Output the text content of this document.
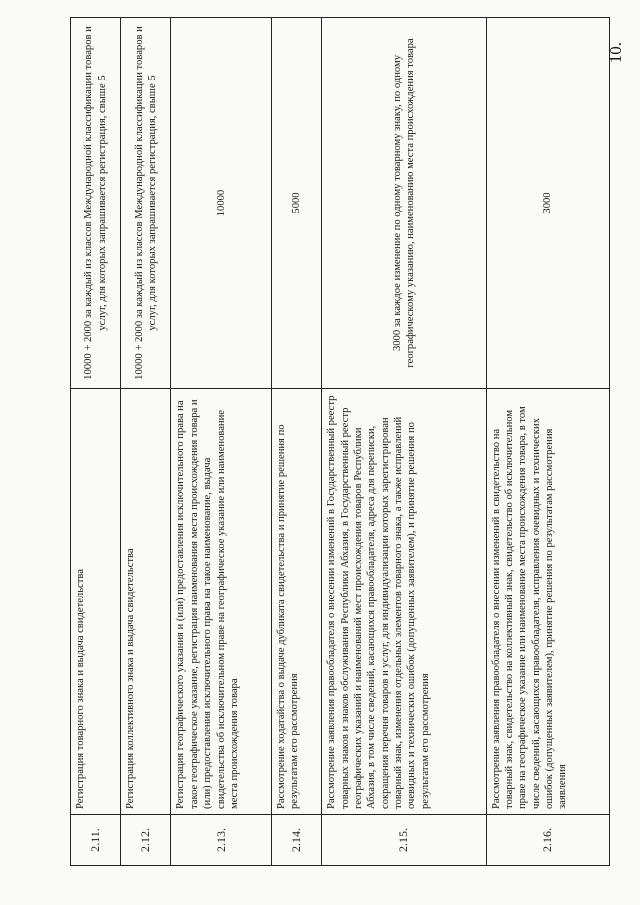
10.
2.11.	Регистрация товарного знака и выдача свидетельства	10000 + 2000 за каждый из классов Международной классификации товаров и услуг, для которых запрашивается регистрация, свыше 5
2.12.	Регистрация коллективного знака и выдача свидетельства	10000 + 2000 за каждый из классов Международной классификации товаров и услуг, для которых запрашивается регистрация, свыше 5
2.13.	Регистрация географического указания и (или) предоставления исключительного права на такое географическое указание, регистрация наименования места происхождения товара и (или) предоставления исключительного права на такое наименование, выдача свидетельства об исключительном праве на географическое указание или наименование места происхождения товара	10000
2.14.	Рассмотрение ходатайства о выдаче дубликата свидетельства и принятие решения по результатам его рассмотрения	5000
2.15.	Рассмотрение заявления правообладателя о внесении изменений в Государственный реестр товарных знаков и знаков обслуживания Республики Абхазия, в Государственный реестр географических указаний и наименований мест происхождения товаров Республики Абхазия, в том числе сведений, касающихся правообладателя, адреса для переписки, сокращения перечня товаров и услуг, для индивидуализации которых зарегистрирован товарный знак, изменения отдельных элементов товарного знака, а также исправлений очевидных и технических ошибок (допущенных заявителем), и принятие решения по результатам его рассмотрения	3000 за каждое изменение по одному товарному знаку, по одному географическому указанию, наименованию места происхождения товара
2.16.	Рассмотрение заявления правообладателя о внесении изменений в свидетельство на товарный знак, свидетельство на коллективный знак, свидетельство об исключительном праве на географическое указание или наименование места происхождения товара, в том числе сведений, касающихся правообладателя, исправления очевидных и технических ошибок (допущенных заявителем), принятие решения по результатам рассмотрения заявления	3000
